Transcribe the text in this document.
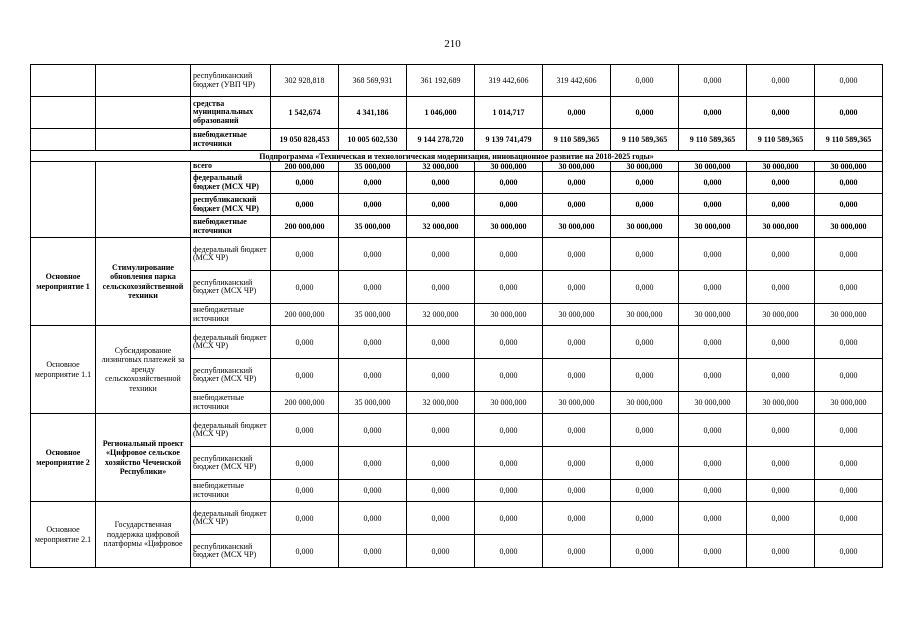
210
		республиканский бюджет (УВП ЧР)	302 928,818	368 569,931	361 192,689	319 442,606	319 442,606	0,000	0,000	0,000	0,000
		средства муниципальных образований	1 542,674	4 341,186	1 046,000	1 014,717	0,000	0,000	0,000	0,000	0,000
		внебюджетные источники	19 050 828,453	10 005 602,530	9 144 278,720	9 139 741,479	9 110 589,365	9 110 589,365	9 110 589,365	9 110 589,365	9 110 589,365
Подпрограмма «Техническая и технологическая модернизация, инновационное развитие на 2018-2025 годы»											
		всего	200 000,000	35 000,000	32 000,000	30 000,000	30 000,000	30 000,000	30 000,000	30 000,000	30 000,000
		федеральный бюджет (МСХ ЧР)	0,000	0,000	0,000	0,000	0,000	0,000	0,000	0,000	0,000
		республиканский бюджет (МСХ ЧР)	0,000	0,000	0,000	0,000	0,000	0,000	0,000	0,000	0,000
		внебюджетные источники	200 000,000	35 000,000	32 000,000	30 000,000	30 000,000	30 000,000	30 000,000	30 000,000	30 000,000
Основное мероприятие 1	Стимулирование обновления парка сельскохозяйственной техники	федеральный бюджет (МСХ ЧР)	0,000	0,000	0,000	0,000	0,000	0,000	0,000	0,000	0,000
		республиканский бюджет (МСХ ЧР)	0,000	0,000	0,000	0,000	0,000	0,000	0,000	0,000	0,000
		внебюджетные источники	200 000,000	35 000,000	32 000,000	30 000,000	30 000,000	30 000,000	30 000,000	30 000,000	30 000,000
Основное мероприятие 1.1	Субсидирование лизинговых платежей за аренду сельскохозяйственной техники	федеральный бюджет (МСХ ЧР)	0,000	0,000	0,000	0,000	0,000	0,000	0,000	0,000	0,000
		республиканский бюджет (МСХ ЧР)	0,000	0,000	0,000	0,000	0,000	0,000	0,000	0,000	0,000
		внебюджетные источники	200 000,000	35 000,000	32 000,000	30 000,000	30 000,000	30 000,000	30 000,000	30 000,000	30 000,000
Основное мероприятие 2	Региональный проект «Цифровое сельское хозяйство Чеченской Республики»	федеральный бюджет (МСХ ЧР)	0,000	0,000	0,000	0,000	0,000	0,000	0,000	0,000	0,000
		республиканский бюджет (МСХ ЧР)	0,000	0,000	0,000	0,000	0,000	0,000	0,000	0,000	0,000
		внебюджетные источники	0,000	0,000	0,000	0,000	0,000	0,000	0,000	0,000	0,000
Основное мероприятие 2.1	Государственная поддержка цифровой платформы «Цифровое	федеральный бюджет (МСХ ЧР)	0,000	0,000	0,000	0,000	0,000	0,000	0,000	0,000	0,000
		республиканский бюджет (МСХ ЧР)	0,000	0,000	0,000	0,000	0,000	0,000	0,000	0,000	0,000
